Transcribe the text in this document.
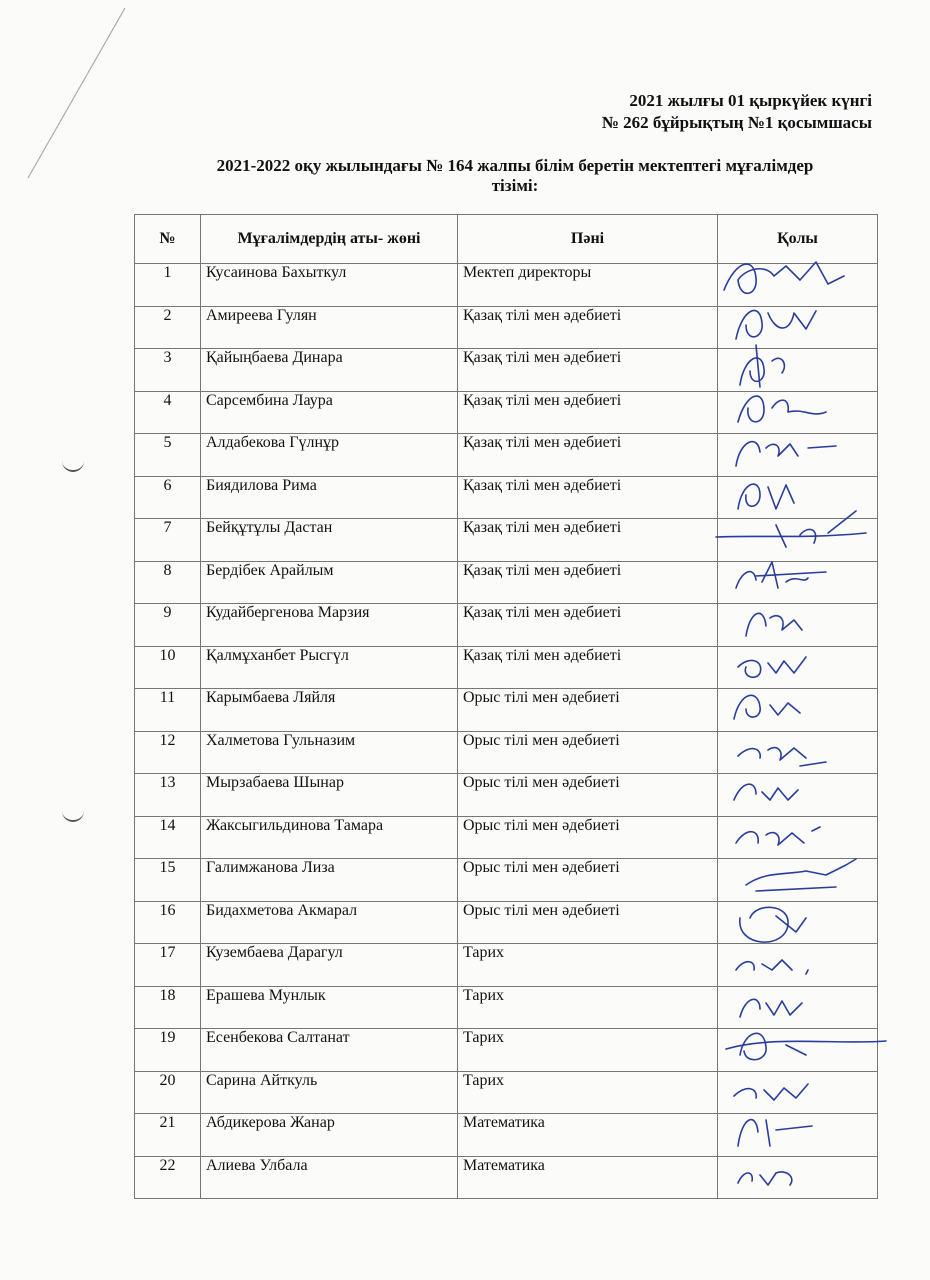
2021 жылғы 01 қыркүйек күнгі
№ 262 бұйрықтың №1 қосымшасы
2021-2022 оқу жылындағы № 164 жалпы білім беретін мектептегі мұғалімдер
тізімі:
№	Мұғалімдердің аты- жөні	Пәні	Қолы
1	Кусаинова Бахыткул	Мектеп директоры	

2	Амиреева Гулян	Қазақ тілі мен әдебиеті	

3	Қайыңбаева Динара	Қазақ тілі мен әдебиеті	

4	Сарсембина Лаура	Қазақ тілі мен әдебиеті	

5	Алдабекова Гүлнұр	Қазақ тілі мен әдебиеті	

6	Биядилова Рима	Қазақ тілі мен әдебиеті	

7	Бейқұтұлы Дастан	Қазақ тілі мен әдебиеті	

8	Бердібек Арайлым	Қазақ тілі мен әдебиеті	

9	Кудайбергенова Марзия	Қазақ тілі мен әдебиеті	

10	Қалмұханбет Рысгүл	Қазақ тілі мен әдебиеті	

11	Карымбаева Ляйля	Орыс тілі мен әдебиеті	

12	Халметова Гульназим	Орыс тілі мен әдебиеті	

13	Мырзабаева Шынар	Орыс тілі мен әдебиеті	

14	Жаксыгильдинова Тамара	Орыс тілі мен әдебиеті	

15	Галимжанова Лиза	Орыс тілі мен әдебиеті	

16	Бидахметова Акмарал	Орыс тілі мен әдебиеті	

17	Кузембаева Дарагул	Тарих	

18	Ерашева Мунлык	Тарих	

19	Есенбекова Салтанат	Тарих	

20	Сарина Айткуль	Тарих	

21	Абдикерова Жанар	Математика	

22	Алиева Улбала	Математика	
